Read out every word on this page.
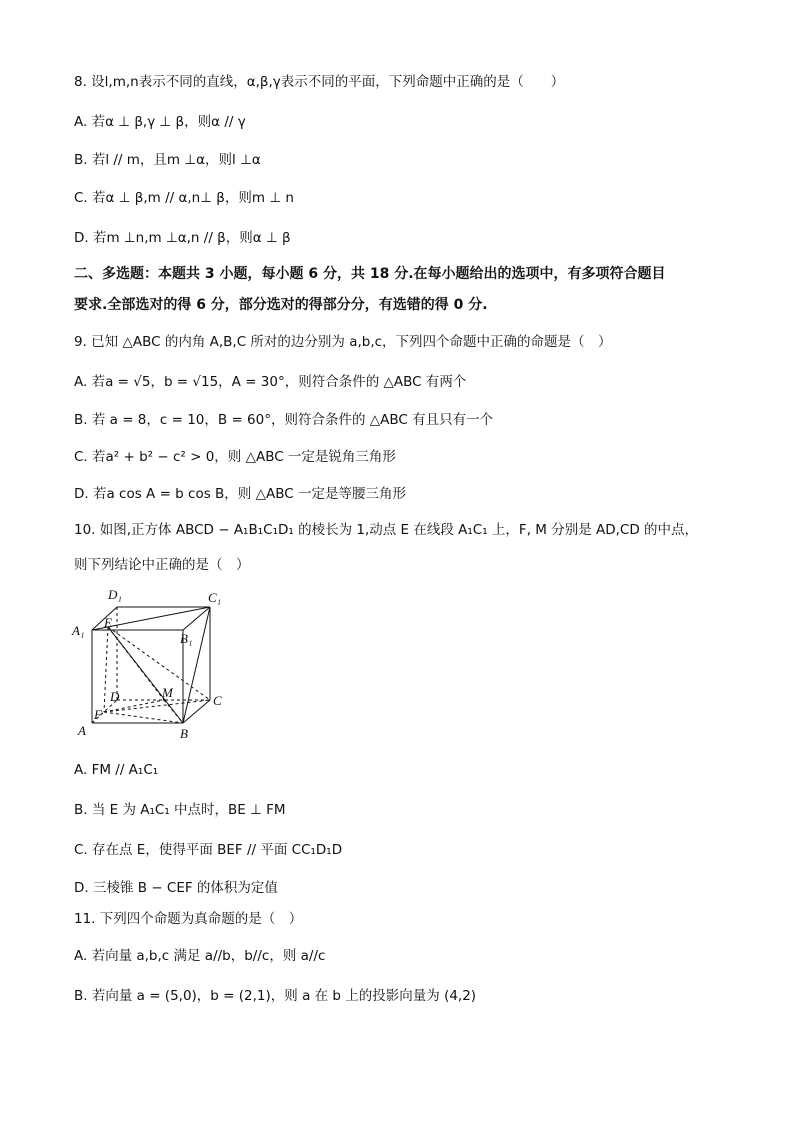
8. 设l,m,n表示不同的直线，α,β,γ表示不同的平面，下列命题中正确的是（　　）
A. 若α ⊥ β,γ ⊥ β，则α // γ
B. 若l // m，且m ⊥α，则l ⊥α
C. 若α ⊥ β,m // α,n⊥ β，则m ⊥ n
D. 若m ⊥n,m ⊥α,n // β，则α ⊥ β
二、多选题：本题共 3 小题，每小题 6 分，共 18 分.在每小题给出的选项中，有多项符合题目
要求.全部选对的得 6 分，部分选对的得部分分，有选错的得 0 分.
9. 已知 △ABC 的内角 A,B,C 所对的边分别为 a,b,c，下列四个命题中正确的命题是（　）
A. 若a = √5，b = √15，A = 30°，则符合条件的 △ABC 有两个
B. 若 a = 8，c = 10，B = 60°，则符合条件的 △ABC 有且只有一个
C. 若a² + b² − c² > 0，则 △ABC 一定是锐角三角形
D. 若a cos A = b cos B，则 △ABC 一定是等腰三角形
10. 如图,正方体 ABCD − A₁B₁C₁D₁ 的棱长为 1,动点 E 在线段 A₁C₁ 上，F, M 分别是 AD,CD 的中点，
则下列结论中正确的是（　）
D₁	C₁
A₁
E
B₁
D	M
C
F
A	B
A. FM // A₁C₁
B. 当 E 为 A₁C₁ 中点时，BE ⊥ FM
C. 存在点 E，使得平面 BEF // 平面 CC₁D₁D
D. 三棱锥 B − CEF 的体积为定值
11. 下列四个命题为真命题的是（　）
A. 若向量 a,b,c 满足 a//b，b//c，则 a//c
B. 若向量 a = (5,0)，b = (2,1)，则 a 在 b 上的投影向量为 (4,2)
